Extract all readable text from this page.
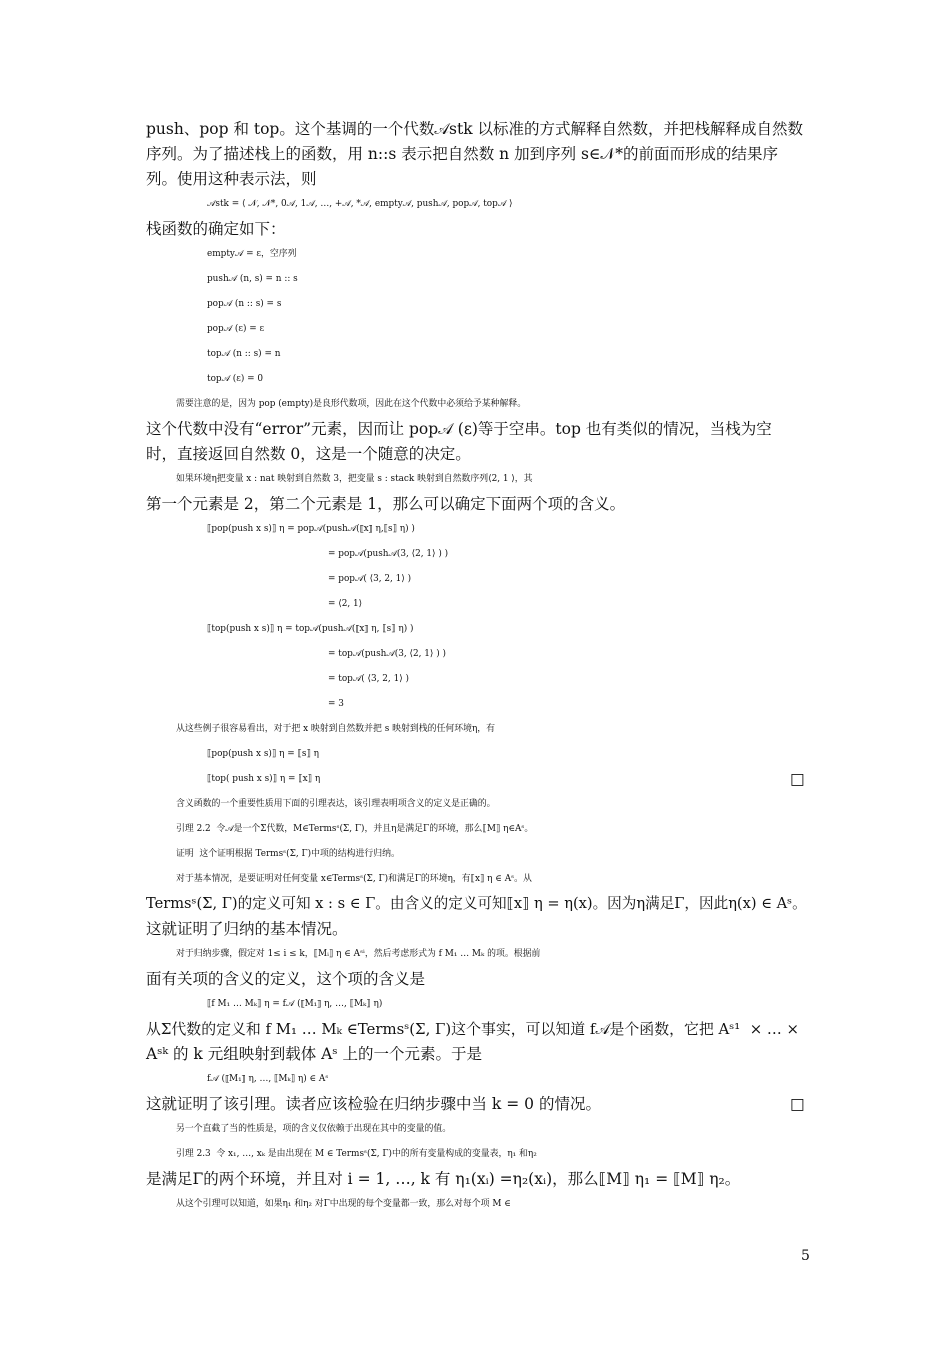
push、pop 和 top。这个基调的一个代数𝒜stk 以标准的方式解释自然数，并把栈解释成自然数
序列。为了描述栈上的函数，用 n::s 表示把自然数 n 加到序列 s∈𝒩*的前面而形成的结果序
列。使用这种表示法，则
𝒜stk = ⟨ 𝒩, 𝒩*, 0𝒜, 1𝒜, …, +𝒜, *𝒜, empty𝒜, push𝒜, pop𝒜, top𝒜 ⟩
栈函数的确定如下：
empty𝒜 = ε，空序列
push𝒜 (n, s) = n :: s
pop𝒜 (n :: s) = s
pop𝒜 (ε) = ε
top𝒜 (n :: s) = n
top𝒜 (ε) = 0
需要注意的是，因为 pop (empty)是良形代数项，因此在这个代数中必须给予某种解释。
这个代数中没有“error”元素，因而让 pop𝒜 (ε)等于空串。top 也有类似的情况，当栈为空
时，直接返回自然数 0，这是一个随意的决定。
如果环境η把变量 x : nat 映射到自然数 3，把变量 s : stack 映射到自然数序列⟨2, 1 ⟩，其
第一个元素是 2，第二个元素是 1，那么可以确定下面两个项的含义。
⟦pop(push x s)⟧ η = pop𝒜(push𝒜(⟦x⟧ η,⟦s⟧ η) )
= pop𝒜(push𝒜(3, ⟨2, 1⟩ ) )
= pop𝒜( ⟨3, 2, 1⟩ )
= ⟨2, 1⟩
⟦top(push x s)⟧ η = top𝒜(push𝒜(⟦x⟧ η, ⟦s⟧ η) )
= top𝒜(push𝒜(3, ⟨2, 1⟩ ) )
= top𝒜( ⟨3, 2, 1⟩ )
= 3
从这些例子很容易看出，对于把 x 映射到自然数并把 s 映射到栈的任何环境η，有
⟦pop(push x s)⟧ η = ⟦s⟧ η
⟦top( push x s)⟧ η = ⟦x⟧ η	□
含义函数的一个重要性质用下面的引理表达，该引理表明项含义的定义是正确的。
引理 2.2  令𝒜是一个Σ代数，M∈Termsˢ(Σ, Γ)，并且η是满足Γ的环境，那么⟦M⟧ η∈Aˢ。
证明  这个证明根据 Termsˢ(Σ, Γ)中项的结构进行归纳。
对于基本情况，是要证明对任何变量 x∈Termsˢ(Σ, Γ)和满足Γ的环境η，有⟦x⟧ η ∈ Aˢ。从
Termsˢ(Σ, Γ)的定义可知 x : s ∈ Γ。由含义的定义可知⟦x⟧ η = η(x)。因为η满足Γ，因此η(x) ∈ Aˢ。
这就证明了归纳的基本情况。
对于归纳步骤，假定对 1≤ i ≤ k，⟦Mᵢ⟧ η ∈ Aˢⁱ，然后考虑形式为 f M₁ … Mₖ 的项。根据前
面有关项的含义的定义，这个项的含义是
⟦f M₁ … Mₖ⟧ η = f𝒜 (⟦M₁⟧ η, …, ⟦Mₖ⟧ η)
从Σ代数的定义和 f M₁ … Mₖ ∈Termsˢ(Σ, Γ)这个事实，可以知道 f𝒜是个函数，它把 Aˢ¹  × … ×
Aˢᵏ 的 k 元组映射到载体 Aˢ 上的一个元素。于是
f𝒜 (⟦M₁⟧ η, …, ⟦Mₖ⟧ η) ∈ Aˢ
这就证明了该引理。读者应该检验在归纳步骤中当 k = 0 的情况。	□
另一个直截了当的性质是，项的含义仅依赖于出现在其中的变量的值。
引理 2.3  令 x₁, …, xₖ 是由出现在 M ∈ Termsˢ(Σ, Γ)中的所有变量构成的变量表，η₁ 和η₂
是满足Γ的两个环境，并且对 i = 1, …, k 有 η₁(xᵢ) =η₂(xᵢ)，那么⟦M⟧ η₁ = ⟦M⟧ η₂。
从这个引理可以知道，如果η₁ 和η₂ 对Γ中出现的每个变量都一致，那么对每个项 M ∈
5
